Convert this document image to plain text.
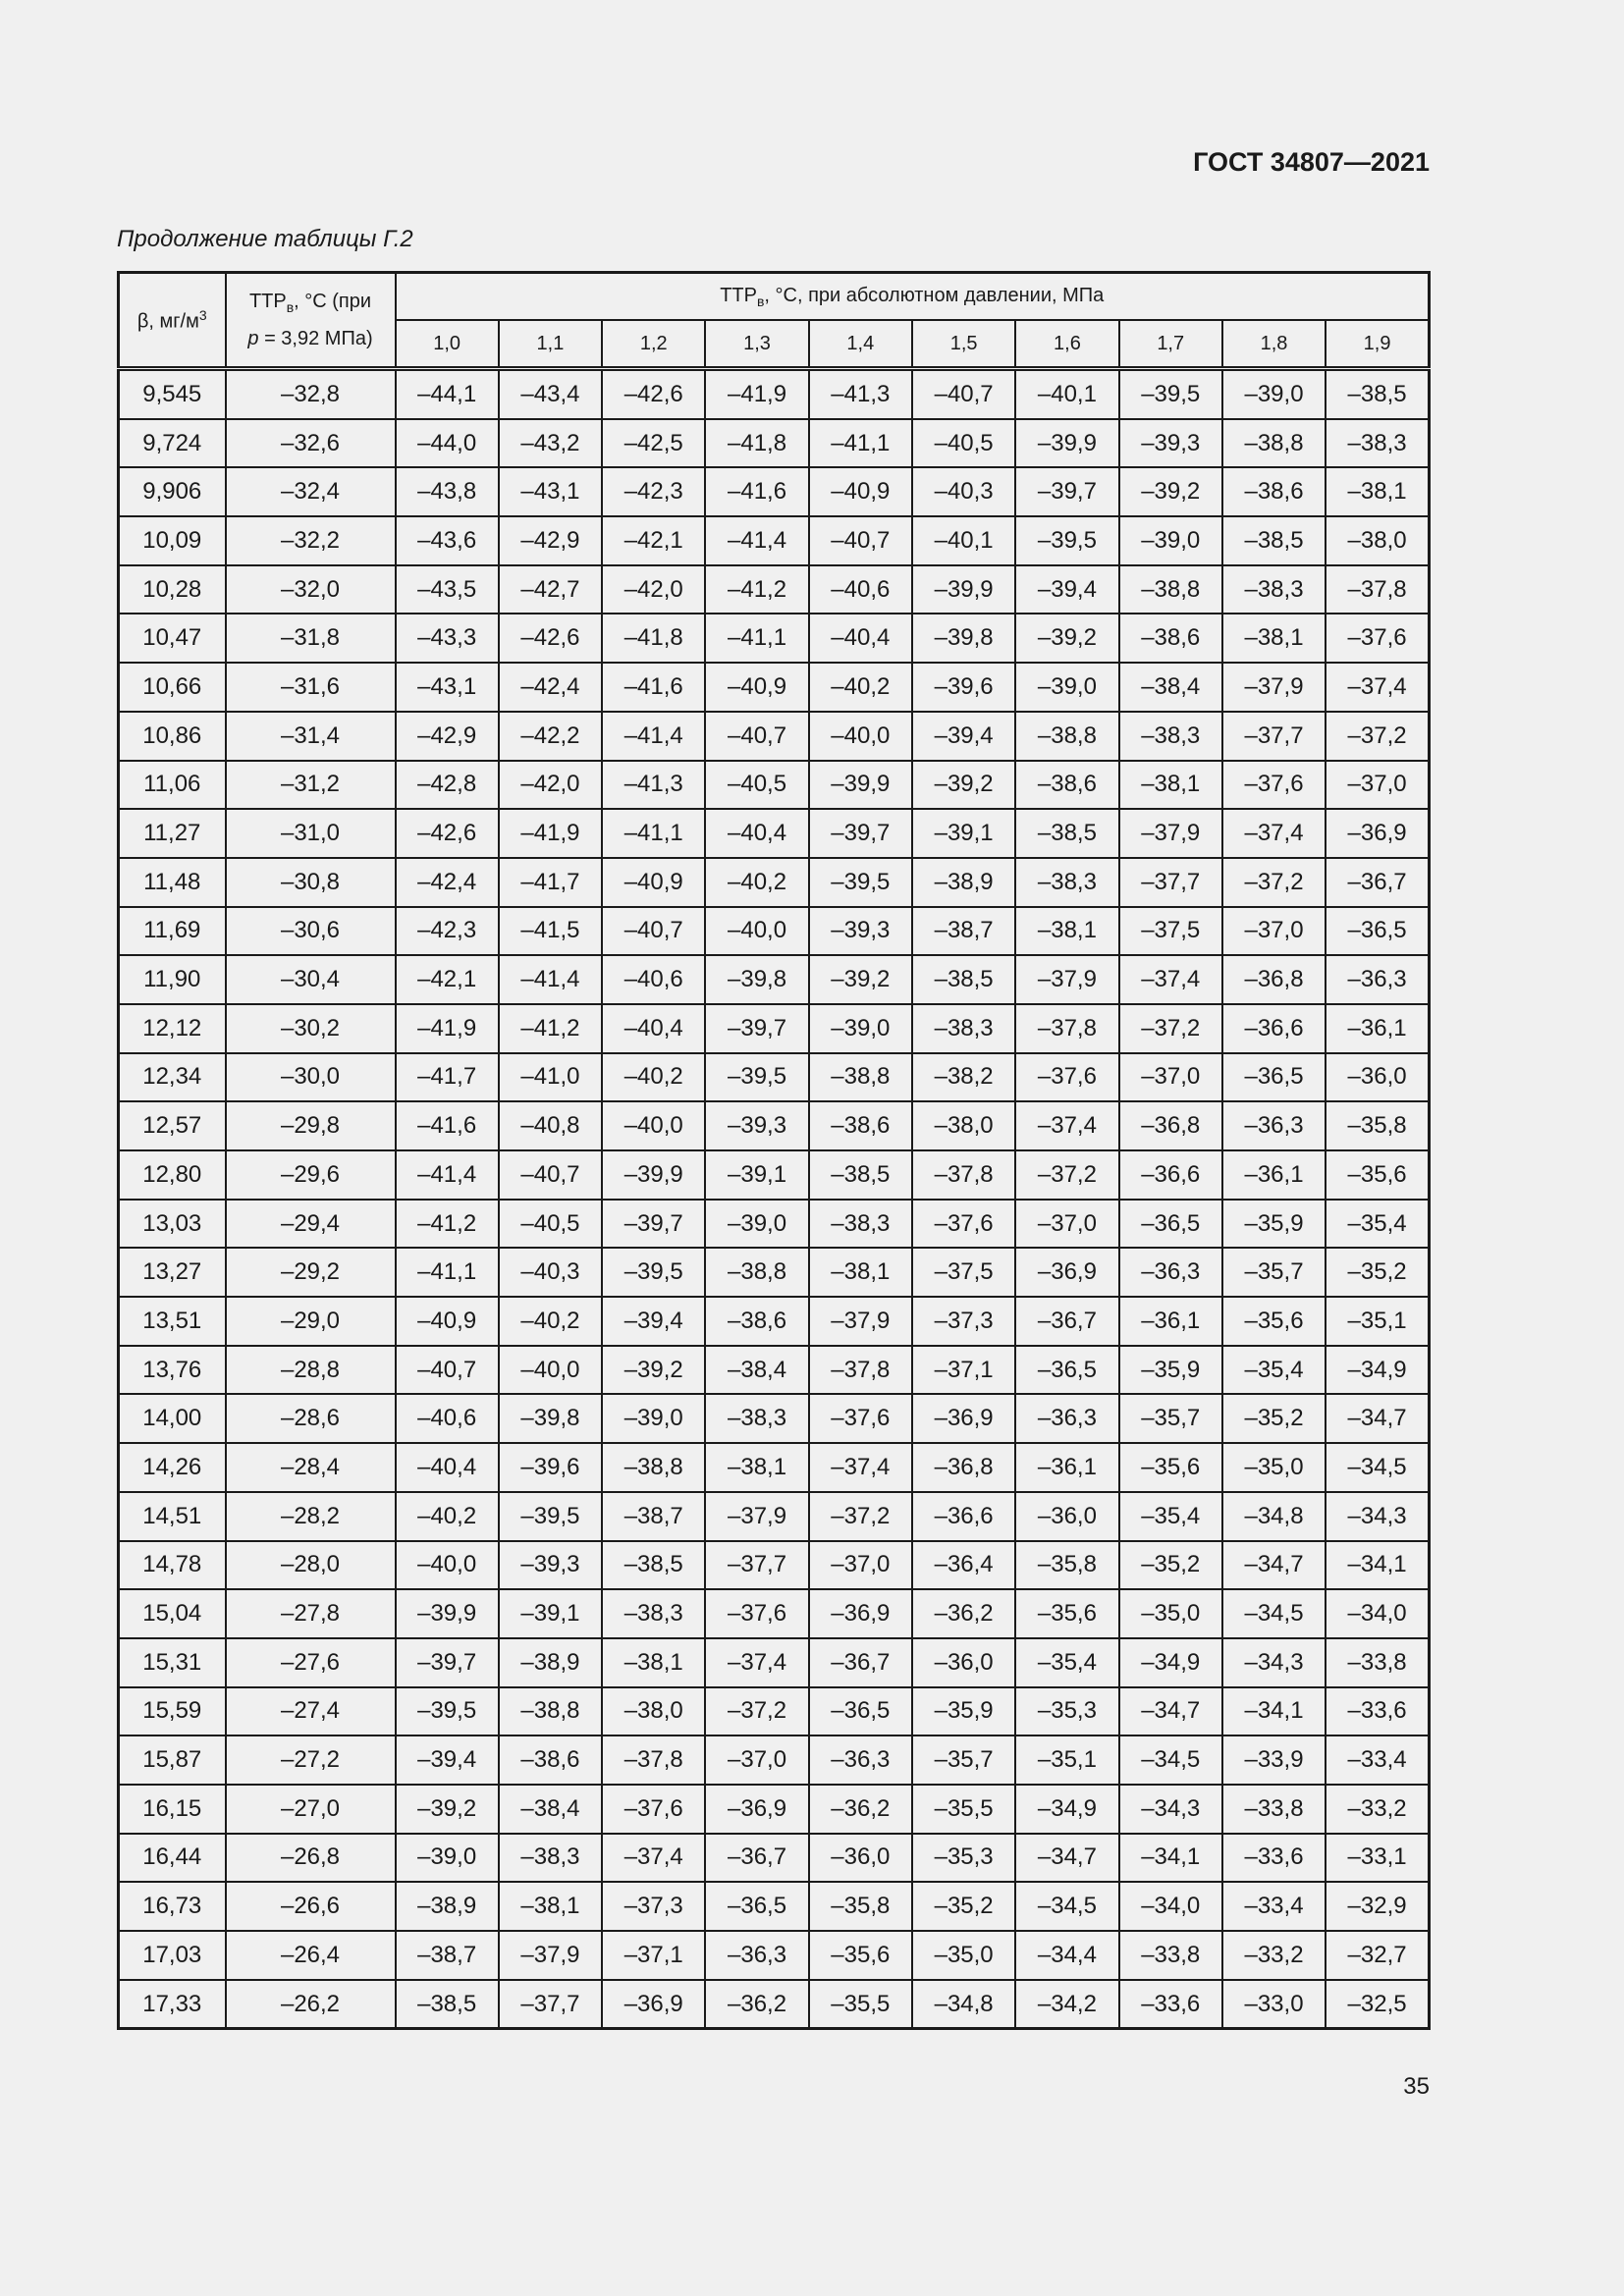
ГОСТ 34807—2021
Продолжение таблицы Г.2
β, $мг/м^3$	$ТТР_в$, °С (при
p = 3,92 МПа)	$ТТР_в$, °С, при абсолютном давлении, МПа									
		1,0	1,1	1,2	1,3	1,4	1,5	1,6	1,7	1,8	1,9
9,545	–32,8	–44,1	–43,4	–42,6	–41,9	–41,3	–40,7	–40,1	–39,5	–39,0	–38,5
9,724	–32,6	–44,0	–43,2	–42,5	–41,8	–41,1	–40,5	–39,9	–39,3	–38,8	–38,3
9,906	–32,4	–43,8	–43,1	–42,3	–41,6	–40,9	–40,3	–39,7	–39,2	–38,6	–38,1
10,09	–32,2	–43,6	–42,9	–42,1	–41,4	–40,7	–40,1	–39,5	–39,0	–38,5	–38,0
10,28	–32,0	–43,5	–42,7	–42,0	–41,2	–40,6	–39,9	–39,4	–38,8	–38,3	–37,8
10,47	–31,8	–43,3	–42,6	–41,8	–41,1	–40,4	–39,8	–39,2	–38,6	–38,1	–37,6
10,66	–31,6	–43,1	–42,4	–41,6	–40,9	–40,2	–39,6	–39,0	–38,4	–37,9	–37,4
10,86	–31,4	–42,9	–42,2	–41,4	–40,7	–40,0	–39,4	–38,8	–38,3	–37,7	–37,2
11,06	–31,2	–42,8	–42,0	–41,3	–40,5	–39,9	–39,2	–38,6	–38,1	–37,6	–37,0
11,27	–31,0	–42,6	–41,9	–41,1	–40,4	–39,7	–39,1	–38,5	–37,9	–37,4	–36,9
11,48	–30,8	–42,4	–41,7	–40,9	–40,2	–39,5	–38,9	–38,3	–37,7	–37,2	–36,7
11,69	–30,6	–42,3	–41,5	–40,7	–40,0	–39,3	–38,7	–38,1	–37,5	–37,0	–36,5
11,90	–30,4	–42,1	–41,4	–40,6	–39,8	–39,2	–38,5	–37,9	–37,4	–36,8	–36,3
12,12	–30,2	–41,9	–41,2	–40,4	–39,7	–39,0	–38,3	–37,8	–37,2	–36,6	–36,1
12,34	–30,0	–41,7	–41,0	–40,2	–39,5	–38,8	–38,2	–37,6	–37,0	–36,5	–36,0
12,57	–29,8	–41,6	–40,8	–40,0	–39,3	–38,6	–38,0	–37,4	–36,8	–36,3	–35,8
12,80	–29,6	–41,4	–40,7	–39,9	–39,1	–38,5	–37,8	–37,2	–36,6	–36,1	–35,6
13,03	–29,4	–41,2	–40,5	–39,7	–39,0	–38,3	–37,6	–37,0	–36,5	–35,9	–35,4
13,27	–29,2	–41,1	–40,3	–39,5	–38,8	–38,1	–37,5	–36,9	–36,3	–35,7	–35,2
13,51	–29,0	–40,9	–40,2	–39,4	–38,6	–37,9	–37,3	–36,7	–36,1	–35,6	–35,1
13,76	–28,8	–40,7	–40,0	–39,2	–38,4	–37,8	–37,1	–36,5	–35,9	–35,4	–34,9
14,00	–28,6	–40,6	–39,8	–39,0	–38,3	–37,6	–36,9	–36,3	–35,7	–35,2	–34,7
14,26	–28,4	–40,4	–39,6	–38,8	–38,1	–37,4	–36,8	–36,1	–35,6	–35,0	–34,5
14,51	–28,2	–40,2	–39,5	–38,7	–37,9	–37,2	–36,6	–36,0	–35,4	–34,8	–34,3
14,78	–28,0	–40,0	–39,3	–38,5	–37,7	–37,0	–36,4	–35,8	–35,2	–34,7	–34,1
15,04	–27,8	–39,9	–39,1	–38,3	–37,6	–36,9	–36,2	–35,6	–35,0	–34,5	–34,0
15,31	–27,6	–39,7	–38,9	–38,1	–37,4	–36,7	–36,0	–35,4	–34,9	–34,3	–33,8
15,59	–27,4	–39,5	–38,8	–38,0	–37,2	–36,5	–35,9	–35,3	–34,7	–34,1	–33,6
15,87	–27,2	–39,4	–38,6	–37,8	–37,0	–36,3	–35,7	–35,1	–34,5	–33,9	–33,4
16,15	–27,0	–39,2	–38,4	–37,6	–36,9	–36,2	–35,5	–34,9	–34,3	–33,8	–33,2
16,44	–26,8	–39,0	–38,3	–37,4	–36,7	–36,0	–35,3	–34,7	–34,1	–33,6	–33,1
16,73	–26,6	–38,9	–38,1	–37,3	–36,5	–35,8	–35,2	–34,5	–34,0	–33,4	–32,9
17,03	–26,4	–38,7	–37,9	–37,1	–36,3	–35,6	–35,0	–34,4	–33,8	–33,2	–32,7
17,33	–26,2	–38,5	–37,7	–36,9	–36,2	–35,5	–34,8	–34,2	–33,6	–33,0	–32,5
35
